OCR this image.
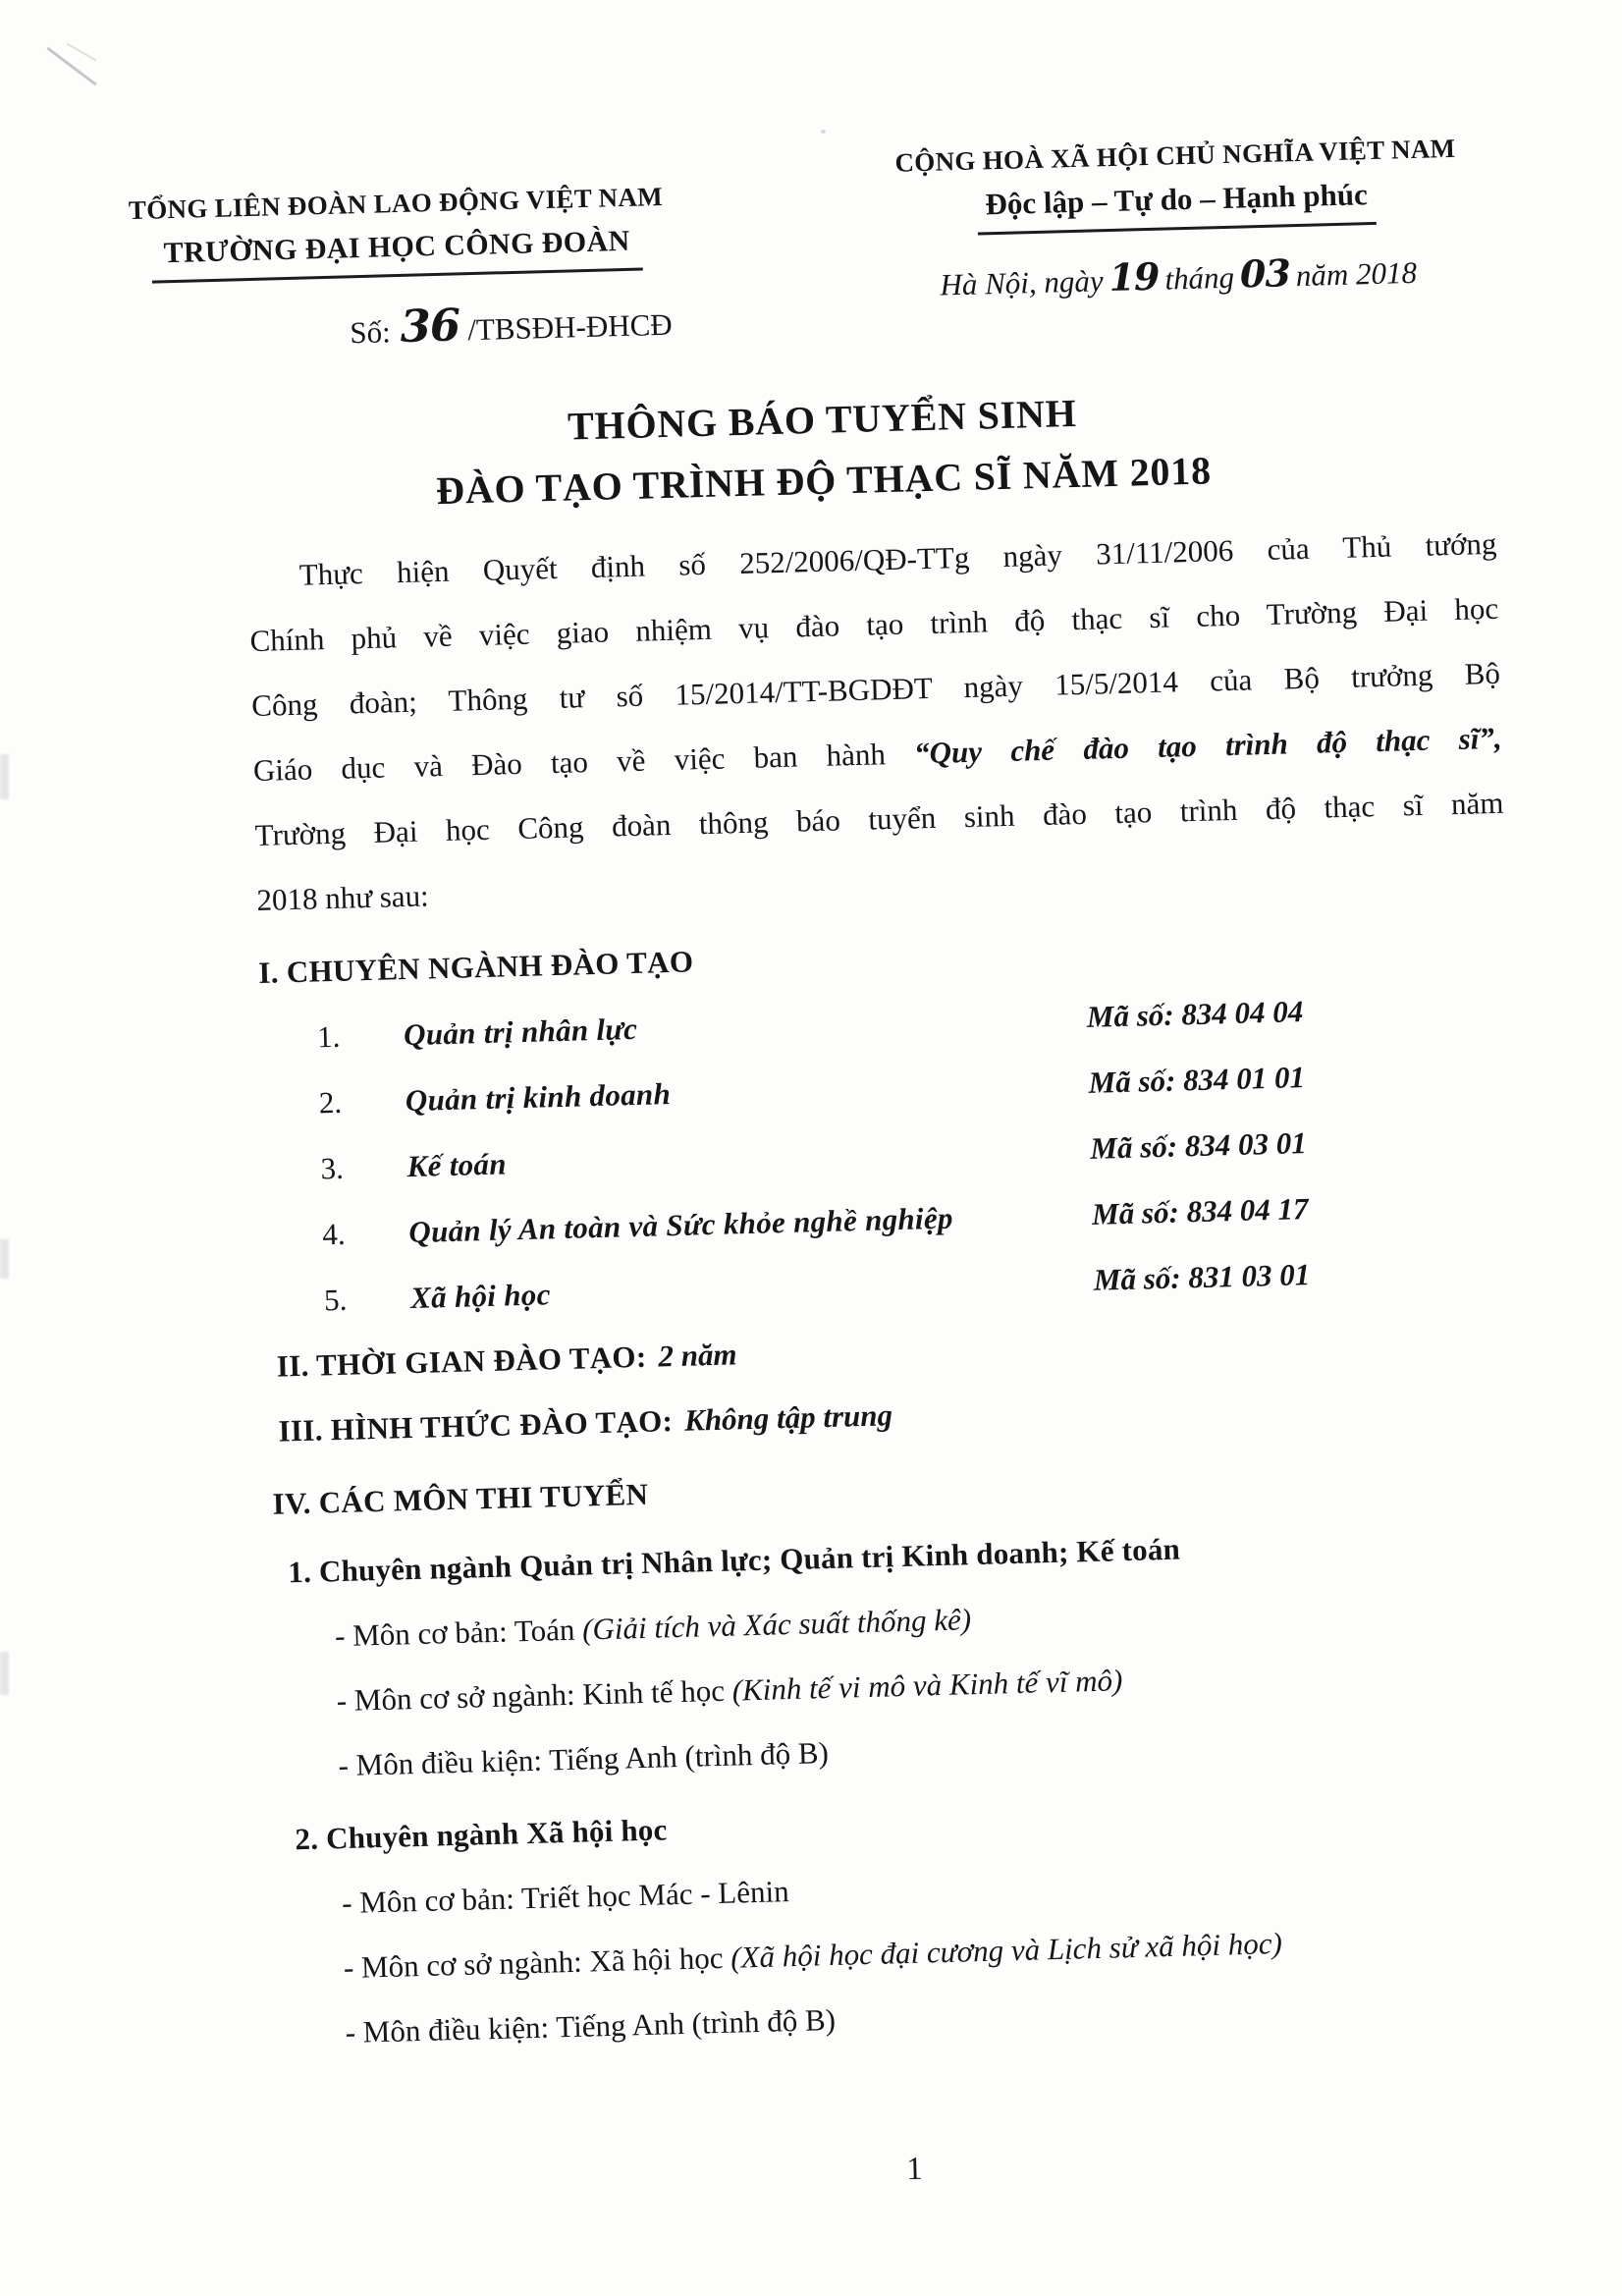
TỔNG LIÊN ĐOÀN LAO ĐỘNG VIỆT NAM
TRƯỜNG ĐẠI HỌC CÔNG ĐOÀN
Số: 36 /TBSĐH-ĐHCĐ
CỘNG HOÀ XÃ HỘI CHỦ NGHĨA VIỆT NAM
Độc lập – Tự do – Hạnh phúc
Hà Nội, ngày 19 tháng 03 năm 2018
THÔNG BÁO TUYỂN SINH
ĐÀO TẠO TRÌNH ĐỘ THẠC SĨ NĂM 2018
Thực hiện Quyết định số 252/2006/QĐ-TTg ngày 31/11/2006 của Thủ tướng
Chính phủ về việc giao nhiệm vụ đào tạo trình độ thạc sĩ cho Trường Đại học
Công đoàn; Thông tư số 15/2014/TT-BGDĐT ngày 15/5/2014 của Bộ trưởng Bộ
Giáo dục và Đào tạo về việc ban hành “Quy chế đào tạo trình độ thạc sĩ”,
Trường Đại học Công đoàn thông báo tuyển sinh đào tạo trình độ thạc sĩ năm
2018 như sau:
I. CHUYÊN NGÀNH ĐÀO TẠO
1. Quản trị nhân lực	Mã số: 834 04 04
2. Quản trị kinh doanh	Mã số: 834 01 01
3. Kế toán	Mã số: 834 03 01
4. Quản lý An toàn và Sức khỏe nghề nghiệp	Mã số: 834 04 17
5. Xã hội học	Mã số: 831 03 01
II. THỜI GIAN ĐÀO TẠO: 2 năm
III. HÌNH THỨC ĐÀO TẠO: Không tập trung
IV. CÁC MÔN THI TUYỂN
1. Chuyên ngành Quản trị Nhân lực; Quản trị Kinh doanh; Kế toán
- Môn cơ bản: Toán (Giải tích và Xác suất thống kê)
- Môn cơ sở ngành: Kinh tế học (Kinh tế vi mô và Kinh tế vĩ mô)
- Môn điều kiện: Tiếng Anh (trình độ B)
2. Chuyên ngành Xã hội học
- Môn cơ bản: Triết học Mác - Lênin
- Môn cơ sở ngành: Xã hội học (Xã hội học đại cương và Lịch sử xã hội học)
- Môn điều kiện: Tiếng Anh (trình độ B)
1
